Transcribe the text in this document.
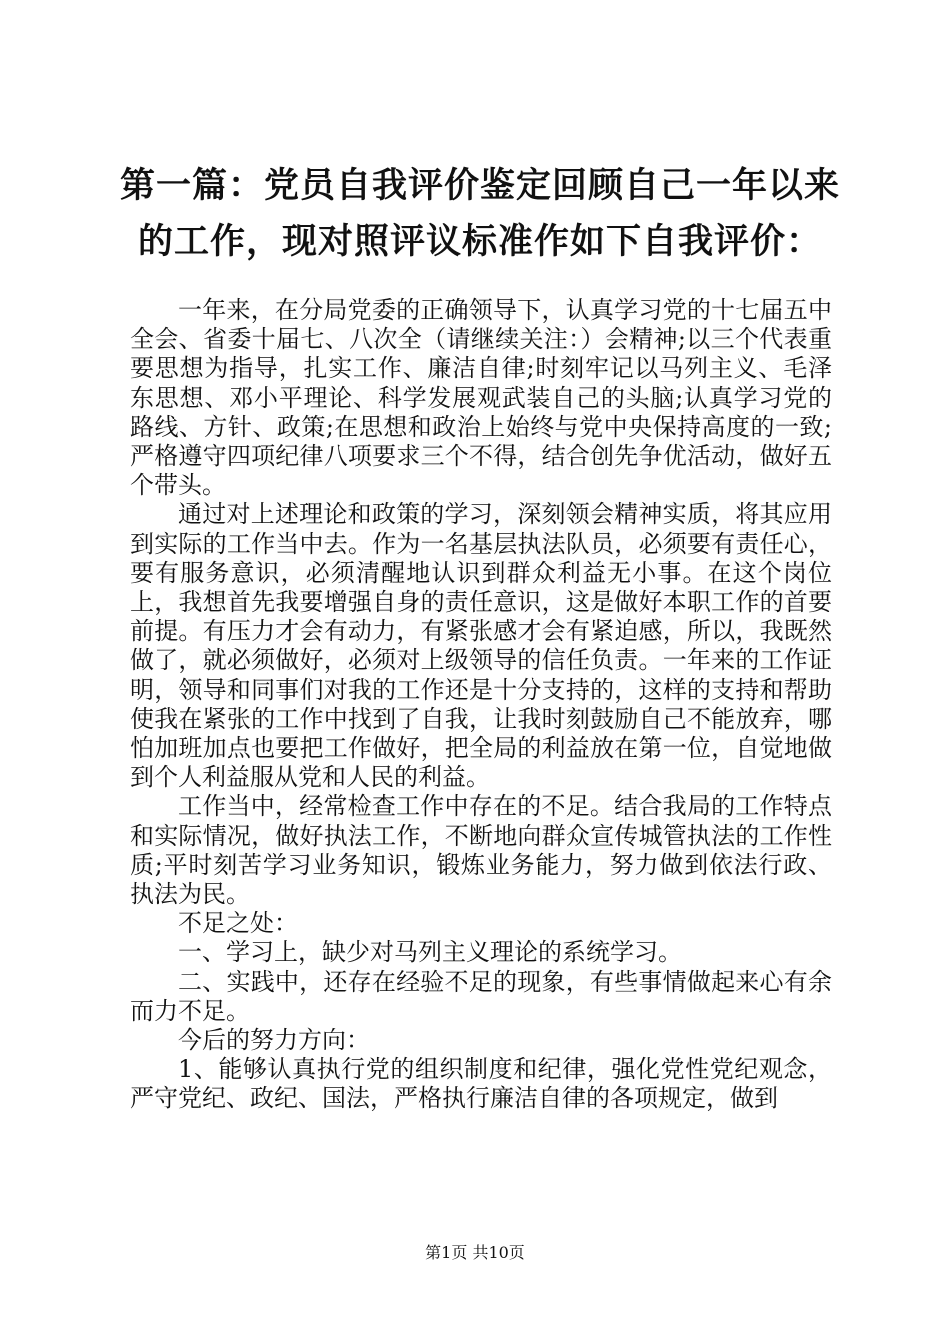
第一篇：党员自我评价鉴定回顾自己一年以来的工作，现对照评议标准作如下自我评价：

一年来，在分局党委的正确领导下，认真学习党的十七届五中全会、省委十届七、八次全（请继续关注：）会精神;以三个代表重要思想为指导，扎实工作、廉洁自律;时刻牢记以马列主义、毛泽东思想、邓小平理论、科学发展观武装自己的头脑;认真学习党的路线、方针、政策;在思想和政治上始终与党中央保持高度的一致;严格遵守四项纪律八项要求三个不得，结合创先争优活动，做好五个带头。

通过对上述理论和政策的学习，深刻领会精神实质，将其应用到实际的工作当中去。作为一名基层执法队员，必须要有责任心，要有服务意识，必须清醒地认识到群众利益无小事。在这个岗位上，我想首先我要增强自身的责任意识，这是做好本职工作的首要前提。有压力才会有动力，有紧张感才会有紧迫感，所以，我既然做了，就必须做好，必须对上级领导的信任负责。一年来的工作证明，领导和同事们对我的工作还是十分支持的，这样的支持和帮助使我在紧张的工作中找到了自我，让我时刻鼓励自己不能放弃，哪怕加班加点也要把工作做好，把全局的利益放在第一位，自觉地做到个人利益服从党和人民的利益。

工作当中，经常检查工作中存在的不足。结合我局的工作特点和实际情况，做好执法工作，不断地向群众宣传城管执法的工作性质;平时刻苦学习业务知识，锻炼业务能力，努力做到依法行政、执法为民。

不足之处：

一、学习上，缺少对马列主义理论的系统学习。

二、实践中，还存在经验不足的现象，有些事情做起来心有余而力不足。

今后的努力方向：

1、能够认真执行党的组织制度和纪律，强化党性党纪观念，严守党纪、政纪、国法，严格执行廉洁自律的各项规定，做到

第1页 共10页
